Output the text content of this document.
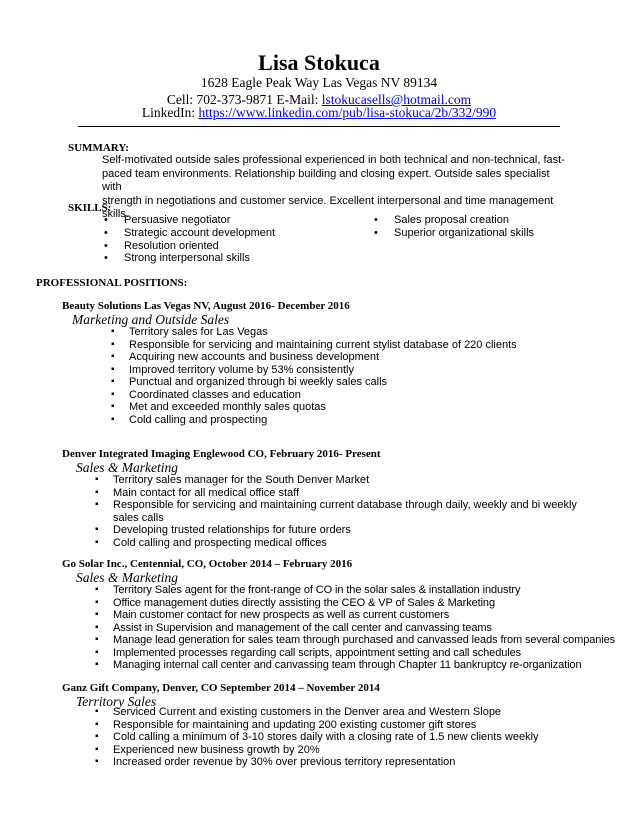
Lisa Stokuca
1628 Eagle Peak Way Las Vegas NV 89134
Cell: 702-373-9871 E-Mail: lstokucasells@hotmail.com
LinkedIn: https://www.linkedin.com/pub/lisa-stokuca/2b/332/990
SUMMARY:

Self-motivated outside sales professional experienced in both technical and non-technical, fast-

paced team environments. Relationship building and closing expert. Outside sales specialist with

strength in negotiations and customer service. Excellent interpersonal and time management skills.

SKILLS:
• Persuasive negotiator
• Strategic account development
• Resolution oriented
• Strong interpersonal skills
• Sales proposal creation
• Superior organizational skills
PROFESSIONAL POSITIONS:
Beauty Solutions Las Vegas NV, August 2016- December 2016
Marketing and Outside Sales
▪ Territory sales for Las Vegas
▪ Responsible for servicing and maintaining current stylist database of 220 clients
▪ Acquiring new accounts and business development
▪ Improved territory volume by 53% consistently
▪ Punctual and organized through bi weekly sales calls
▪ Coordinated classes and education
▪ Met and exceeded monthly sales quotas
▪ Cold calling and prospecting
Denver Integrated Imaging Englewood CO, February 2016- Present
Sales & Marketing
▪ Territory sales manager for the South Denver Market
▪ Main contact for all medical office staff
▪ Responsible for servicing and maintaining current database through daily, weekly and bi weekly sales calls
▪ Developing trusted relationships for future orders
▪ Cold calling and prospecting medical offices
Go Solar Inc., Centennial, CO, October 2014 – February 2016
Sales & Marketing
▪ Territory Sales agent for the front-range of CO in the solar sales & installation industry
▪ Office management duties directly assisting the CEO & VP of Sales & Marketing
▪ Main customer contact for new prospects as well as current customers
▪ Assist in Supervision and management of the call center and canvassing teams
▪ Manage lead generation for sales team through purchased and canvassed leads from several companies
▪ Implemented processes regarding call scripts, appointment setting and call schedules
▪ Managing internal call center and canvassing team through Chapter 11 bankruptcy re-organization
Ganz Gift Company, Denver, CO September 2014 – November 2014
Territory Sales
▪ Serviced Current and existing customers in the Denver area and Western Slope
▪ Responsible for maintaining and updating 200 existing customer gift stores
▪ Cold calling a minimum of 3-10 stores daily with a closing rate of 1.5 new clients weekly
▪ Experienced new business growth by 20%
▪ Increased order revenue by 30% over previous territory representation
